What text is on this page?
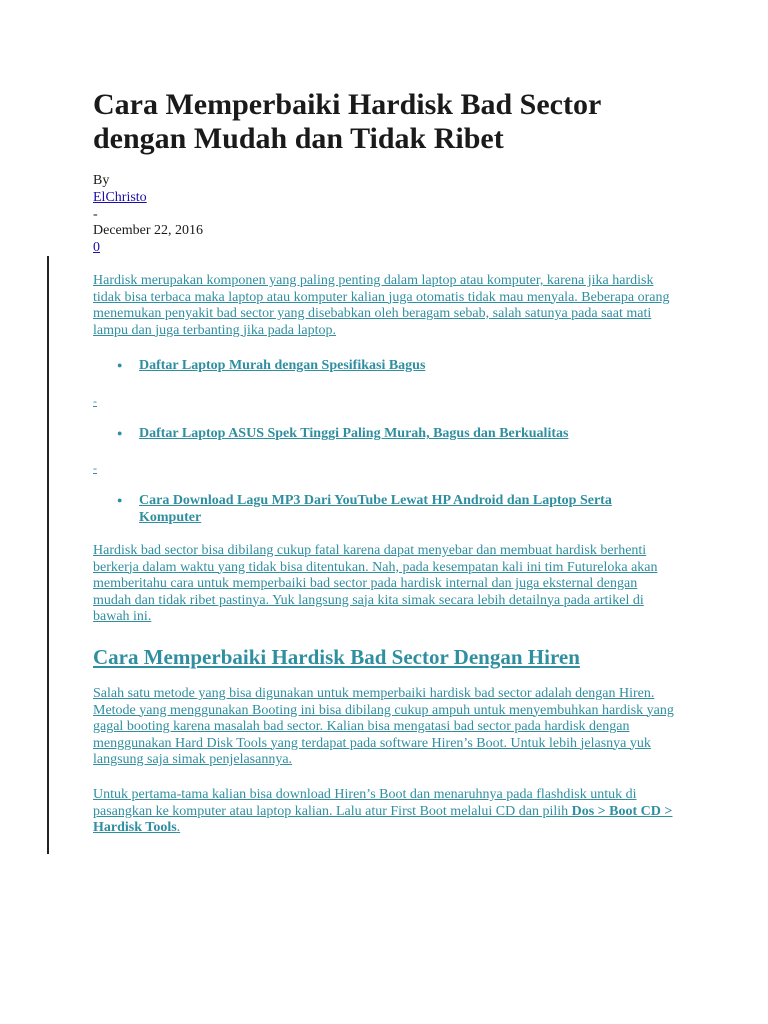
Cara Memperbaiki Hardisk Bad Sector dengan Mudah dan Tidak Ribet
By
ElChristo
-
December 22, 2016
0

Hardisk merupakan komponen yang paling penting dalam laptop atau komputer, karena jika hardisk tidak bisa terbaca maka laptop atau komputer kalian juga otomatis tidak mau menyala. Beberapa orang menemukan penyakit bad sector yang disebabkan oleh beragam sebab, salah satunya pada saat mati lampu dan juga terbanting jika pada laptop.

● Daftar Laptop Murah dengan Spesifikasi Bagus
-
● Daftar Laptop ASUS Spek Tinggi Paling Murah, Bagus dan Berkualitas
-
● Cara Download Lagu MP3 Dari YouTube Lewat HP Android dan Laptop Serta Komputer

Hardisk bad sector bisa dibilang cukup fatal karena dapat menyebar dan membuat hardisk berhenti berkerja dalam waktu yang tidak bisa ditentukan. Nah, pada kesempatan kali ini tim Futureloka akan memberitahu cara untuk memperbaiki bad sector pada hardisk internal dan juga eksternal dengan mudah dan tidak ribet pastinya. Yuk langsung saja kita simak secara lebih detailnya pada artikel di bawah ini.

Cara Memperbaiki Hardisk Bad Sector Dengan Hiren

Salah satu metode yang bisa digunakan untuk memperbaiki hardisk bad sector adalah dengan Hiren. Metode yang menggunakan Booting ini bisa dibilang cukup ampuh untuk menyembuhkan hardisk yang gagal booting karena masalah bad sector. Kalian bisa mengatasi bad sector pada hardisk dengan menggunakan Hard Disk Tools yang terdapat pada software Hiren’s Boot. Untuk lebih jelasnya yuk langsung saja simak penjelasannya.

Untuk pertama-tama kalian bisa download Hiren’s Boot dan menaruhnya pada flashdisk untuk di pasangkan ke komputer atau laptop kalian. Lalu atur First Boot melalui CD dan pilih Dos > Boot CD > Hardisk Tools.
